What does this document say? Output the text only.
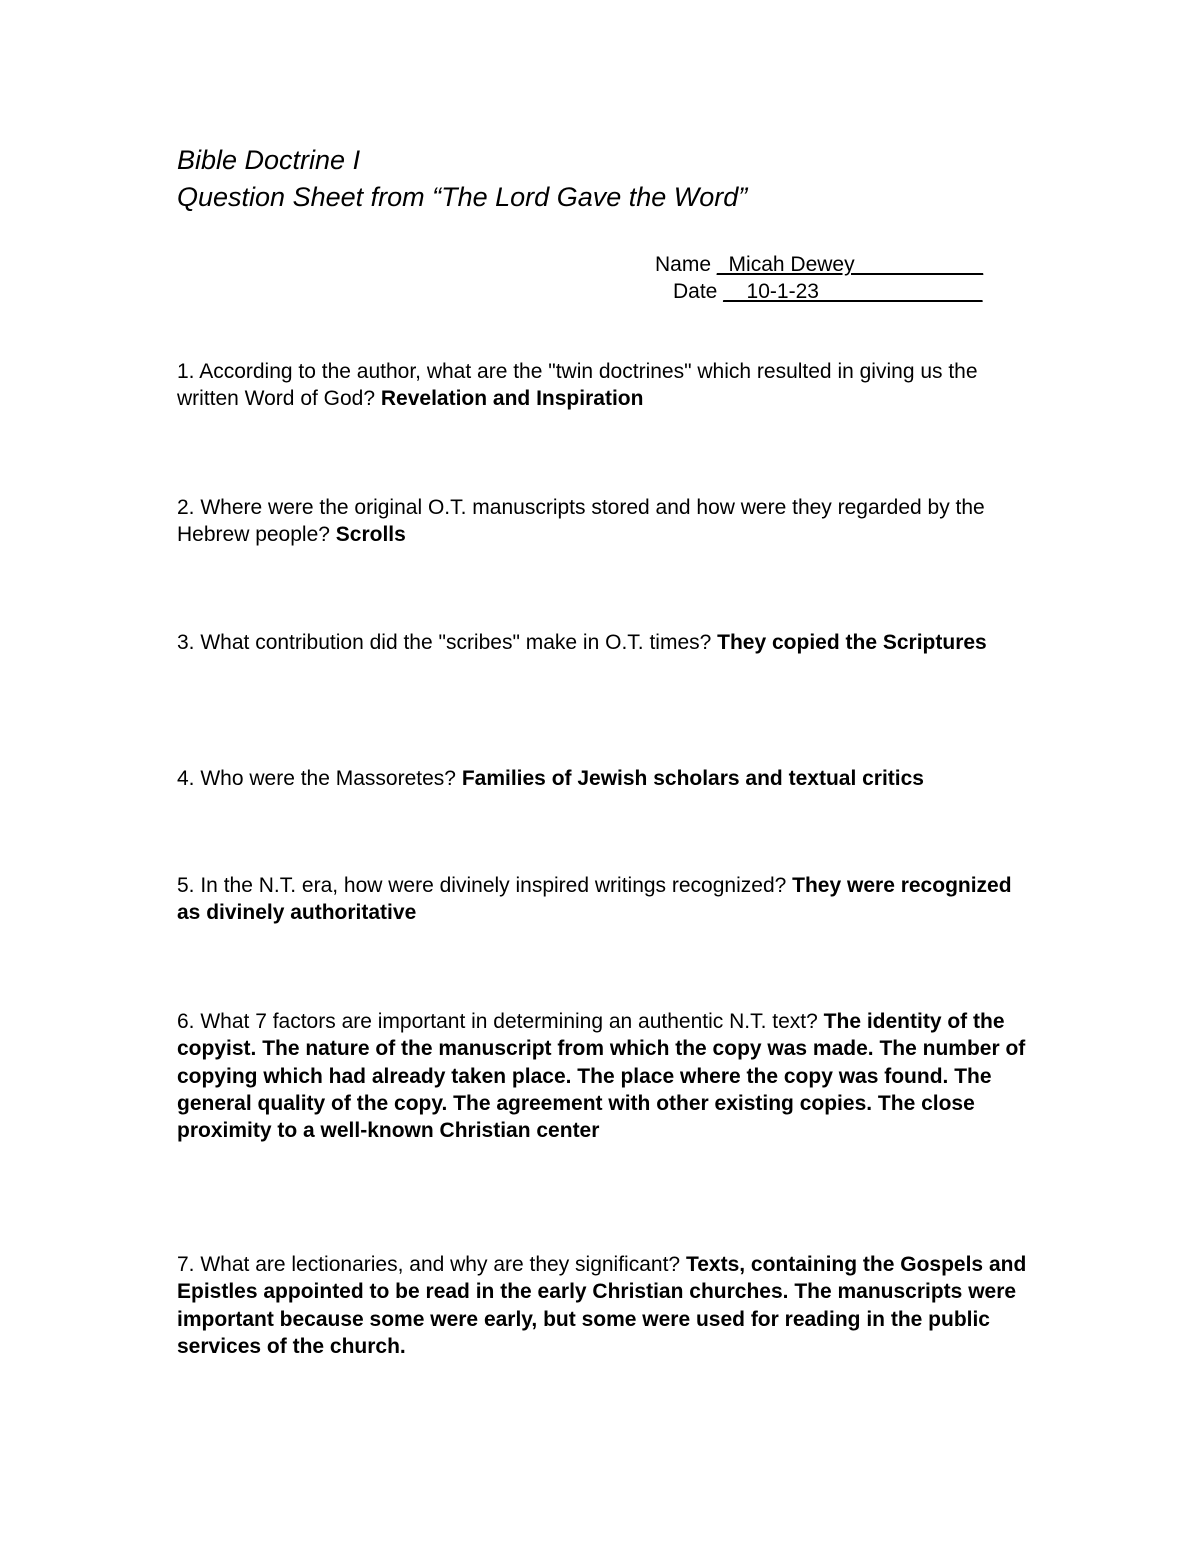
Bible Doctrine I
Question Sheet from “The Lord Gave the Word”
Name _Micah Dewey___________
Date __10-1-23______________
1. According to the author, what are the "twin doctrines" which resulted in giving us the written Word of God? Revelation and Inspiration
2. Where were the original O.T. manuscripts stored and how were they regarded by the Hebrew people? Scrolls
3. What contribution did the "scribes" make in O.T. times? They copied the Scriptures
4. Who were the Massoretes? Families of Jewish scholars and textual critics
5. In the N.T. era, how were divinely inspired writings recognized? They were recognized as divinely authoritative
6. What 7 factors are important in determining an authentic N.T. text? The identity of the copyist. The nature of the manuscript from which the copy was made. The number of copying which had already taken place. The place where the copy was found. The general quality of the copy. The agreement with other existing copies. The close proximity to a well-known Christian center
7. What are lectionaries, and why are they significant? Texts, containing the Gospels and Epistles appointed to be read in the early Christian churches. The manuscripts were important because some were early, but some were used for reading in the public services of the church.
